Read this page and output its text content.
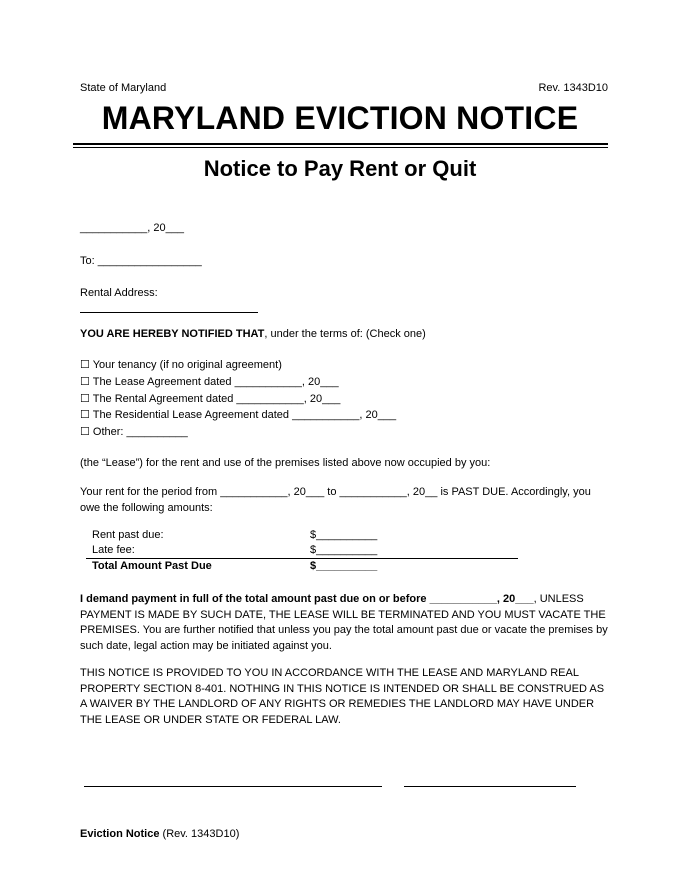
State of Maryland	Rev. 1343D10
MARYLAND EVICTION NOTICE
Notice to Pay Rent or Quit
___________, 20___
To: _________________
Rental Address:
YOU ARE HEREBY NOTIFIED THAT, under the terms of: (Check one)
☐ Your tenancy (if no original agreement)
☐ The Lease Agreement dated ___________, 20___
☐ The Rental Agreement dated ___________, 20___
☐ The Residential Lease Agreement dated ___________, 20___
☐ Other: __________
(the “Lease”) for the rent and use of the premises listed above now occupied by you:
Your rent for the period from ___________, 20___ to ___________, 20__ is PAST DUE. Accordingly, you owe the following amounts:
Rent past due:	$__________
Late fee:	$__________
Total Amount Past Due	$__________
I demand payment in full of the total amount past due on or before ___________, 20___, UNLESS PAYMENT IS MADE BY SUCH DATE, THE LEASE WILL BE TERMINATED AND YOU MUST VACATE THE PREMISES. You are further notified that unless you pay the total amount past due or vacate the premises by such date, legal action may be initiated against you.
THIS NOTICE IS PROVIDED TO YOU IN ACCORDANCE WITH THE LEASE AND MARYLAND REAL PROPERTY SECTION 8-401. NOTHING IN THIS NOTICE IS INTENDED OR SHALL BE CONSTRUED AS A WAIVER BY THE LANDLORD OF ANY RIGHTS OR REMEDIES THE LANDLORD MAY HAVE UNDER THE LEASE OR UNDER STATE OR FEDERAL LAW.
Eviction Notice (Rev. 1343D10)
